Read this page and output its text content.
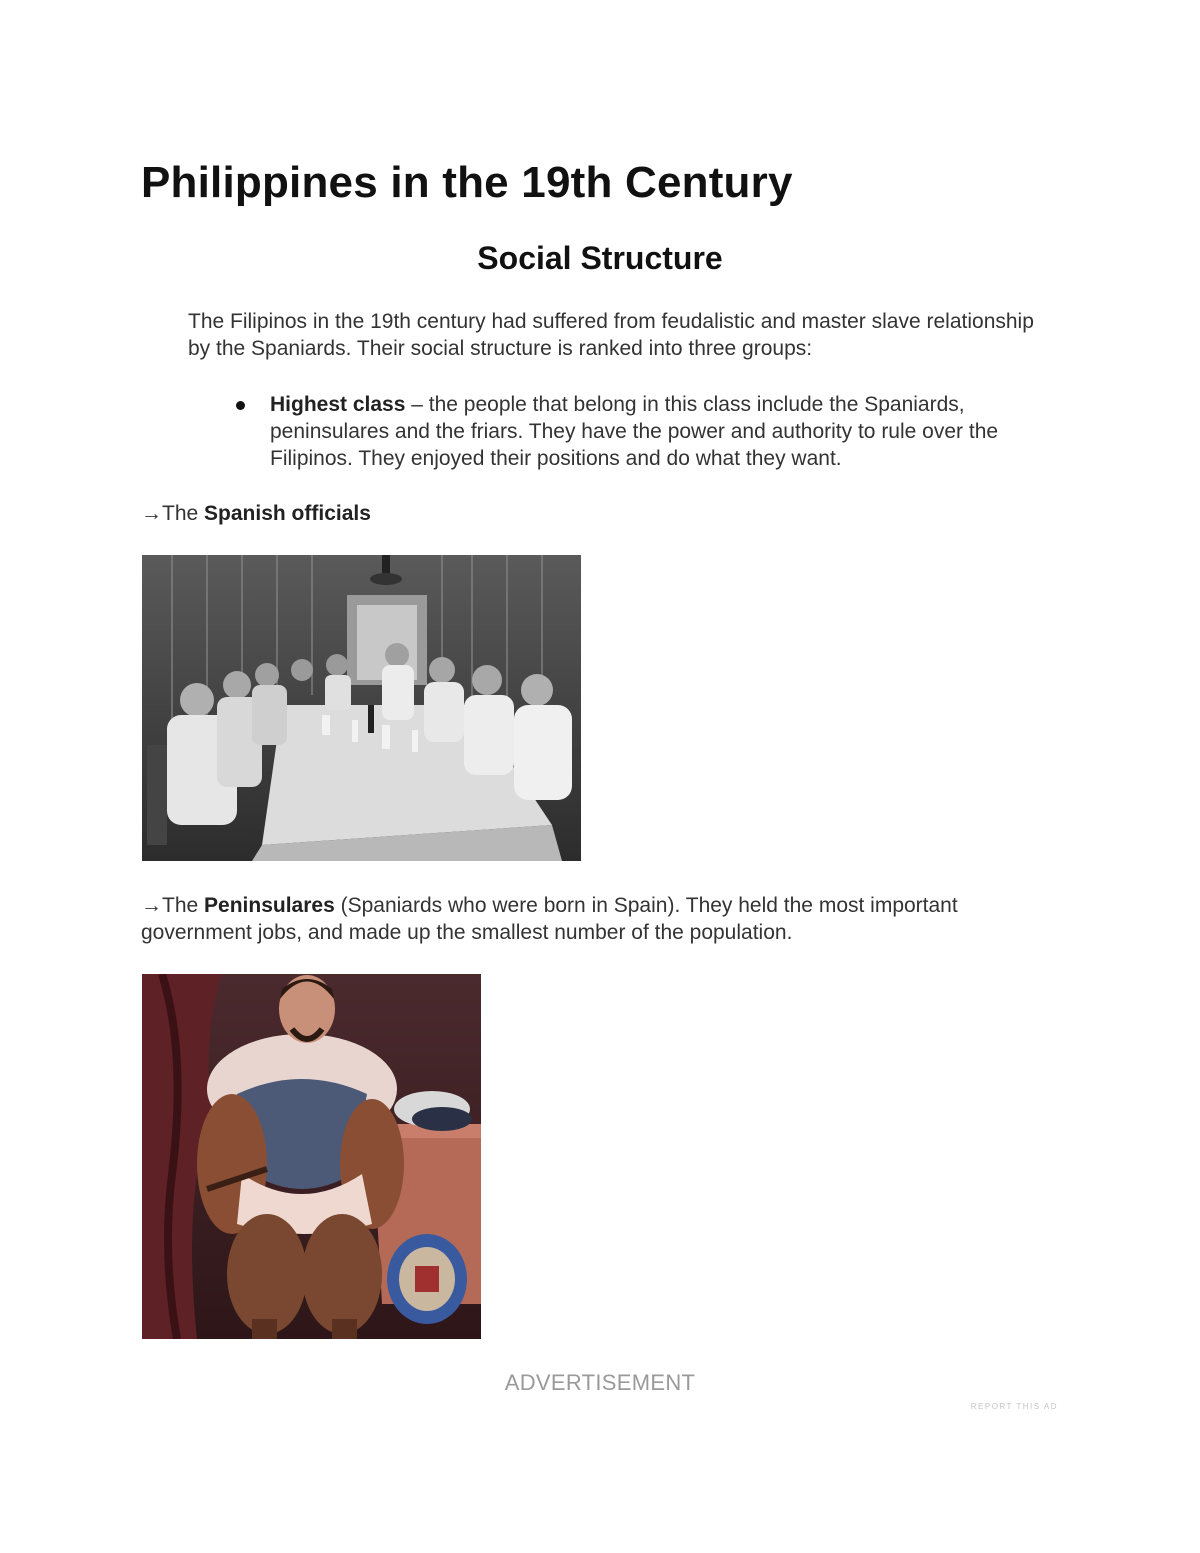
Philippines in the 19th Century
Social Structure

The Filipinos in the 19th century had suffered from feudalistic and master slave relationship by the Spaniards. Their social structure is ranked into three groups:

Highest class – the people that belong in this class include the Spaniards, peninsulares and the friars. They have the power and authority to rule over the Filipinos. They enjoyed their positions and do what they want.

→The Spanish officials

→The Peninsulares (Spaniards who were born in Spain). They held the most important government jobs, and made up the smallest number of the population.

ADVERTISEMENT
REPORT THIS AD
